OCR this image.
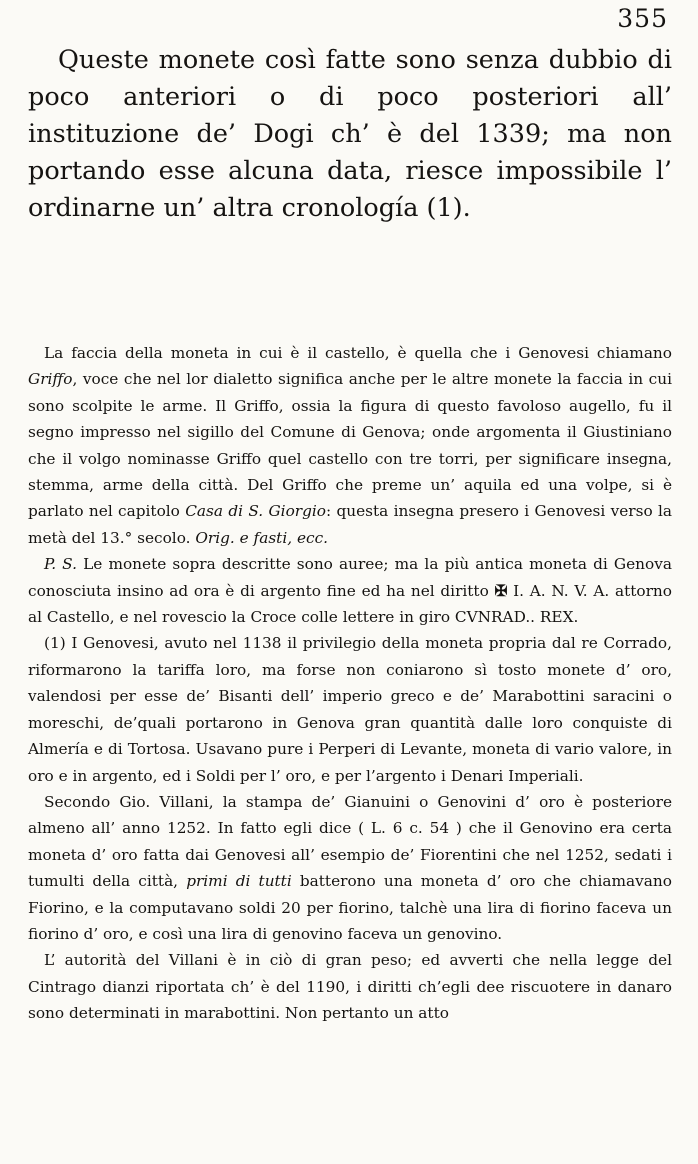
355

Queste monete così fatte sono senza dubbio di poco anteriori o di poco posteriori all’ instituzione de’ Dogi ch’ è del 1339; ma non portando esse alcuna data, riesce impossibile l’ ordinarne un’ altra cronología (1).

La faccia della moneta in cui è il castello, è quella che i Genovesi chiamano Griffo, voce che nel lor dialetto significa anche per le altre monete la faccia in cui sono scolpite le arme. Il Griffo, ossia la figura di questo favoloso augello, fu il segno impresso nel sigillo del Comune di Genova; onde argomenta il Giustiniano che il volgo nominasse Griffo quel castello con tre torri, per significare insegna, stemma, arme della città. Del Griffo che preme un’ aquila ed una volpe, si è parlato nel capitolo Casa di S. Giorgio: questa insegna presero i Genovesi verso la metà del 13.° secolo. Orig. e fasti, ecc.

P. S. Le monete sopra descritte sono auree; ma la più antica moneta di Genova conosciuta insino ad ora è di argento fine ed ha nel diritto ✠ I. A. N. V. A. attorno al Castello, e nel rovescio la Croce colle lettere in giro CVNRAD.. REX.

(1) I Genovesi, avuto nel 1138 il privilegio della moneta propria dal re Corrado, riformarono la tariffa loro, ma forse non coniarono sì tosto monete d’ oro, valendosi per esse de’ Bisanti dell’ imperio greco e de’ Marabottini saracini o moreschi, de’quali portarono in Genova gran quantità dalle loro conquiste di Almería e di Tortosa. Usavano pure i Perperi di Levante, moneta di vario valore, in oro e in argento, ed i Soldi per l’ oro, e per l’argento i Denari Imperiali.

Secondo Gio. Villani, la stampa de’ Gianuini o Genovini d’ oro è posteriore almeno all’ anno 1252. In fatto egli dice ( L. 6 c. 54 ) che il Genovino era certa moneta d’ oro fatta dai Genovesi all’ esempio de’ Fiorentini che nel 1252, sedati i tumulti della città, primi di tutti batterono una moneta d’ oro che chiamavano Fiorino, e la computavano soldi 20 per fiorino, talchè una lira di fiorino faceva un fiorino d’ oro, e così una lira di genovino faceva un genovino.

L’ autorità del Villani è in ciò di gran peso; ed avverti che nella legge del Cintrago dianzi riportata ch’ è del 1190, i diritti ch’egli dee riscuotere in danaro sono determinati in marabottini. Non pertanto un atto
